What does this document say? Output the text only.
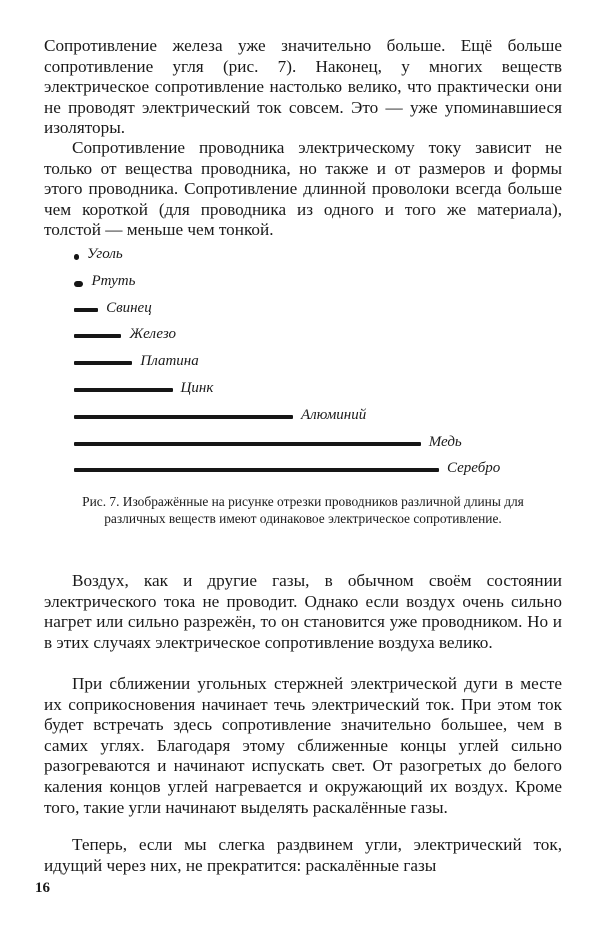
Сопротивление железа уже значительно больше. Ещё больше сопротивление угля (рис. 7). Наконец, у многих веществ электрическое сопротивление настолько велико, что практически они не проводят электрический ток совсем. Это — уже упоминавшиеся изоляторы.

Сопротивление проводника электрическому току зависит не только от вещества проводника, но также и от размеров и формы этого проводника. Сопротивление длинной проволоки всегда больше чем короткой (для проводника из одного и того же материала), толстой — меньше чем тонкой.

Уголь
Ртуть
Свинец
Железо
Платина
Цинк
Алюминий
Медь
Серебро

Рис. 7. Изображённые на рисунке отрезки проводников различной длины для различных веществ имеют одинаковое электрическое сопротивление.

Воздух, как и другие газы, в обычном своём состоянии электрического тока не проводит. Однако если воздух очень сильно нагрет или сильно разрежён, то он становится уже проводником. Но и в этих случаях электрическое сопротивление воздуха велико.

При сближении угольных стержней электрической дуги в месте их соприкосновения начинает течь электрический ток. При этом ток будет встречать здесь сопротивление значительно большее, чем в самих углях. Благодаря этому сближенные концы углей сильно разогреваются и начинают испускать свет. От разогретых до белого каления концов углей нагревается и окружающий их воздух. Кроме того, такие угли начинают выделять раскалённые газы.

Теперь, если мы слегка раздвинем угли, электрический ток, идущий через них, не прекратится: раскалённые газы

16
